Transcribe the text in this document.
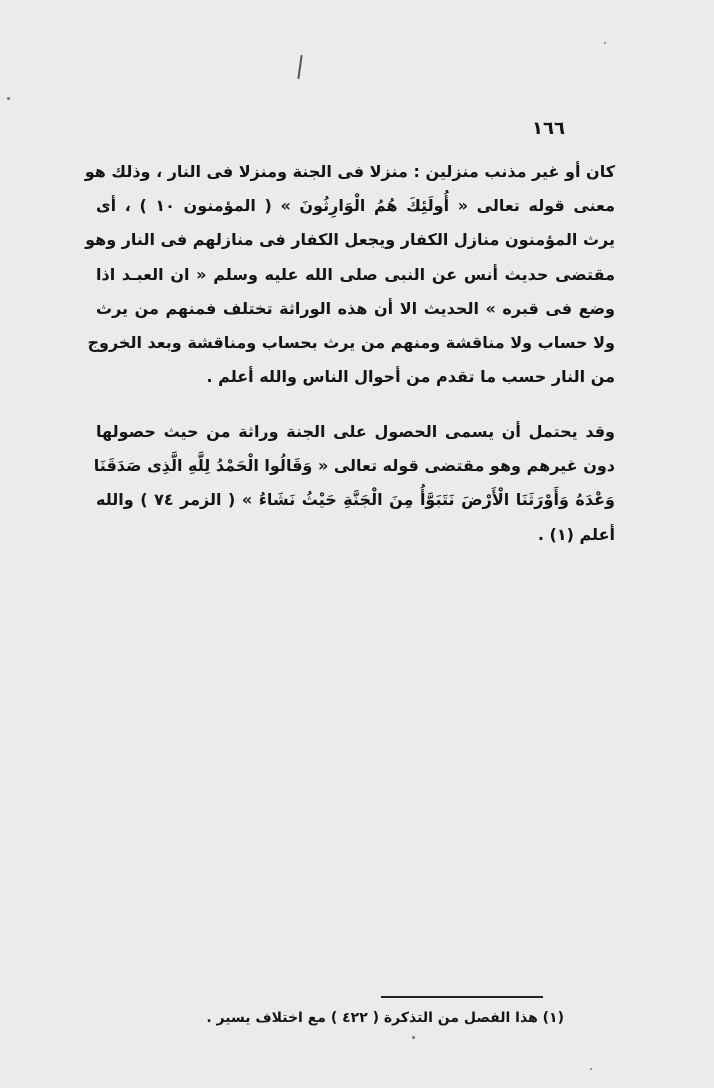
١٦٦
كان أو غير مذنب منزلين : منزلا فى الجنة ومنزلا فى النار ، وذلك هو
معنى قوله تعالى « أُولَئِكَ هُمُ الْوَارِثُونَ » ( المؤمنون ١٠ ) ، أى
يرث المؤمنون منازل الكفار ويجعل الكفار فى منازلهم فى النار وهو
مقتضى حديث أنس عن النبى صلى الله عليه وسلم « ان العبـد اذا
وضع فى قبره » الحديث الا أن هذه الوراثة تختلف فمنهم من يرث
ولا حساب ولا مناقشة ومنهم من يرث بحساب ومناقشة وبعد الخروج
من النار حسب ما تقدم من أحوال الناس والله أعلم .
وقد يحتمل أن يسمى الحصول على الجنة وراثة من حيث حصولها
دون غيرهم وهو مقتضى قوله تعالى « وَقَالُوا الْحَمْدُ لِلَّهِ الَّذِى صَدَقَنَا
وَعْدَهُ وَأَوْرَثَنَا الْأَرْضَ نَتَبَوَّأُ مِنَ الْجَنَّةِ حَيْثُ نَشَاءُ » ( الزمر ٧٤ ) والله
أعلم (١) .
(١) هذا الفصل من التذكرة ( ٤٢٢ ) مع اختلاف يسير .
